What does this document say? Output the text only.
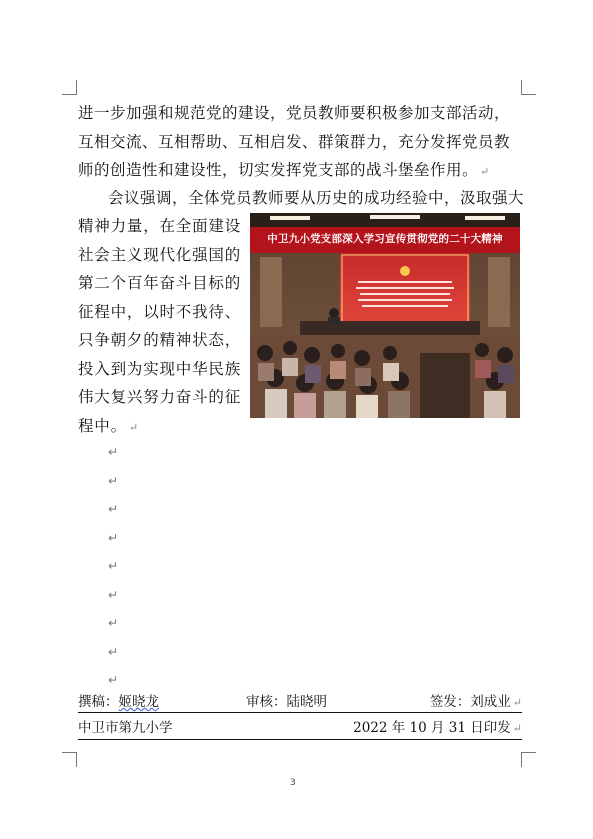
进一步加强和规范党的建设，党员教师要积极参加支部活动，互相交流、互相帮助、互相启发、群策群力，充分发挥党员教师的创造性和建设性，切实发挥党支部的战斗堡垒作用。 ↵
会议强调，全体党员教师要从历史的成功经验中，汲取强大
精神力量，在全面建设
社会主义现代化强国的
第二个百年奋斗目标的
征程中，以时不我待、
只争朝夕的精神状态，
投入到为实现中华民族
伟大复兴努力奋斗的征
程中。 ↵
中卫九小党支部深入学习宣传贯彻党的二十大精神
↵
↵
↵
↵
↵
↵
↵
↵
↵
撰稿：姬晓龙	审核：陆晓明	签发：刘成业 ↵
中卫市第九小学	2022 年 10 月 31 日印发 ↵
3
